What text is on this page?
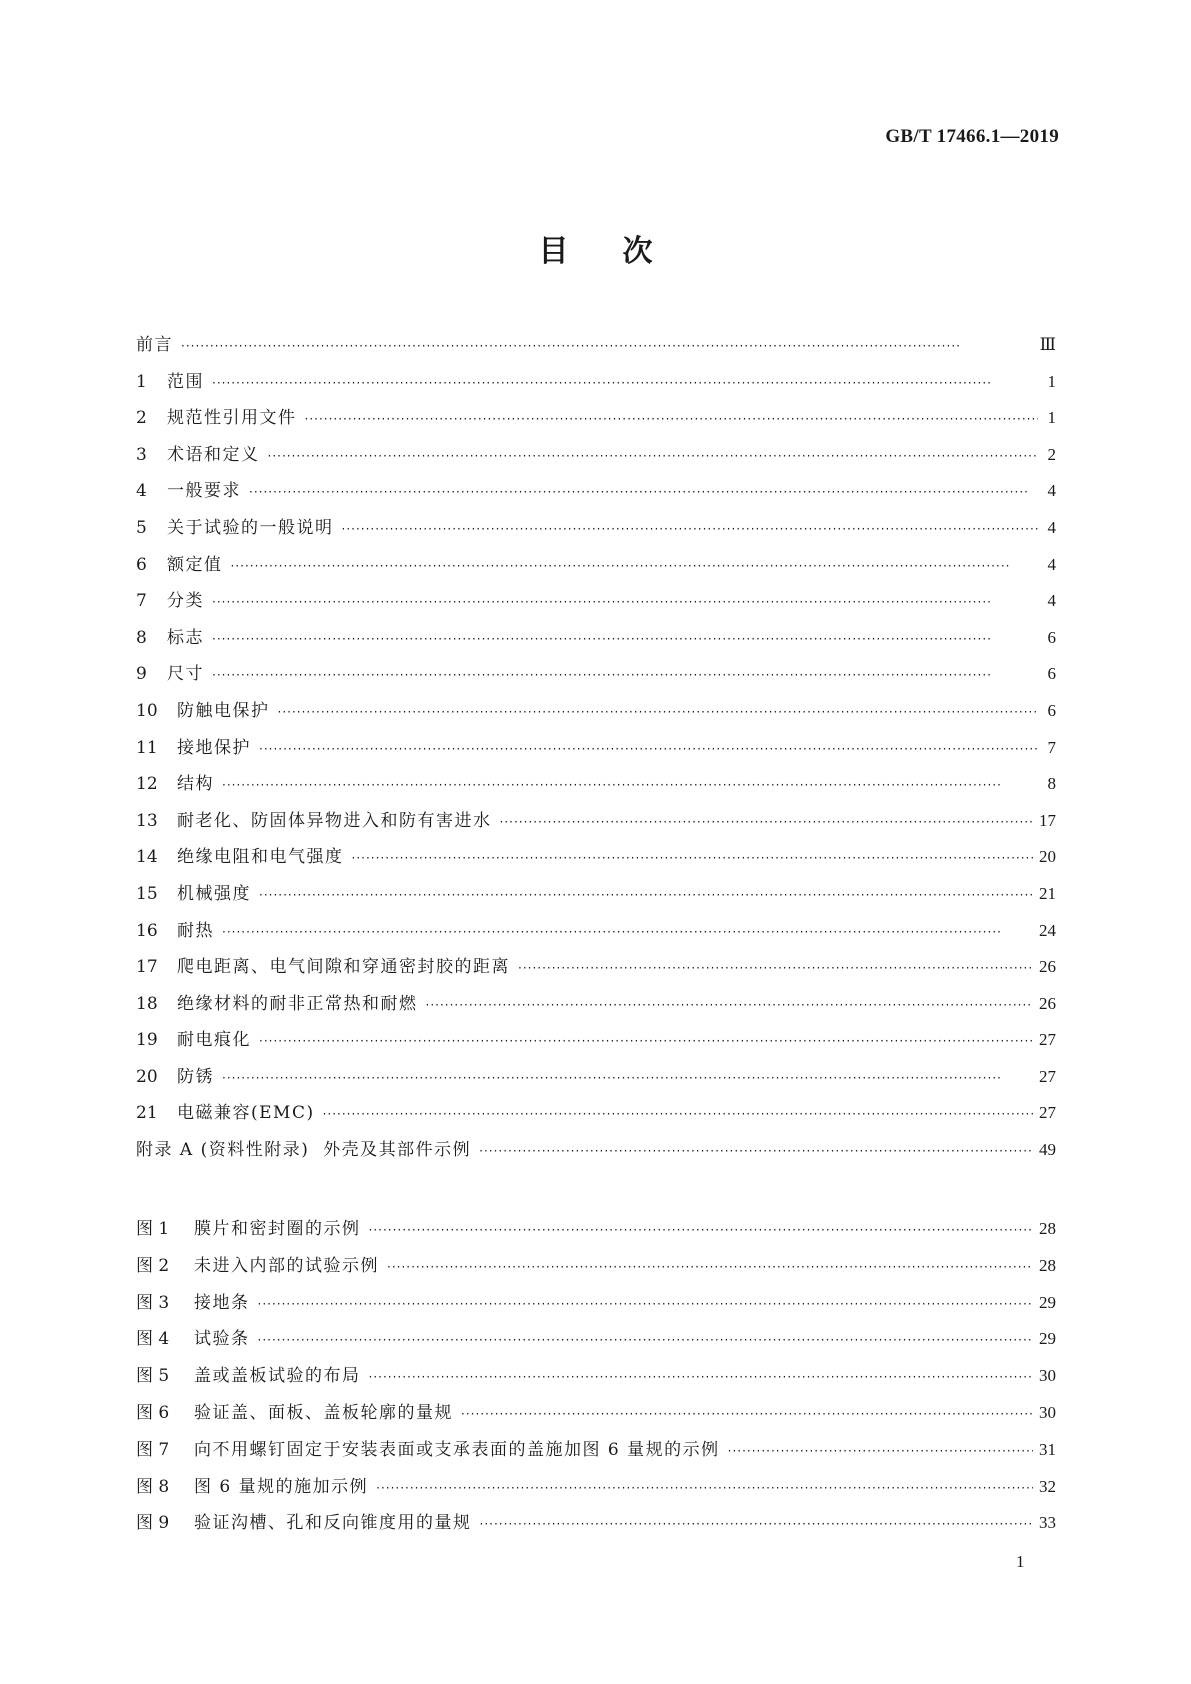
GB/T 17466.1—2019
目次
前言 ·····	Ⅲ
1	范围 ·····	1
2	规范性引用文件 ·····	1
3	术语和定义 ·····	2
4	一般要求 ·····	4
5	关于试验的一般说明 ·····	4
6	额定值 ·····	4
7	分类 ·····	4
8	标志 ·····	6
9	尺寸 ·····	6
10	防触电保护 ·····	6
11	接地保护 ·····	7
12	结构 ·····	8
13	耐老化、防固体异物进入和防有害进水 ·····	17
14	绝缘电阻和电气强度 ·····	20
15	机械强度 ·····	21
16	耐热 ·····	24
17	爬电距离、电气间隙和穿通密封胶的距离 ·····	26
18	绝缘材料的耐非正常热和耐燃 ·····	26
19	耐电痕化 ·····	27
20	防锈 ·····	27
21	电磁兼容(EMC) ·····	27
附录 A (资料性附录)  外壳及其部件示例 ·····	49
图 1	膜片和密封圈的示例 ·····	28
图 2	未进入内部的试验示例 ·····	28
图 3	接地条 ·····	29
图 4	试验条 ·····	29
图 5	盖或盖板试验的布局 ·····	30
图 6	验证盖、面板、盖板轮廓的量规 ·····	30
图 7	向不用螺钉固定于安装表面或支承表面的盖施加图 6 量规的示例 ·····	31
图 8	图 6 量规的施加示例 ·····	32
图 9	验证沟槽、孔和反向锥度用的量规 ·····	33
1
